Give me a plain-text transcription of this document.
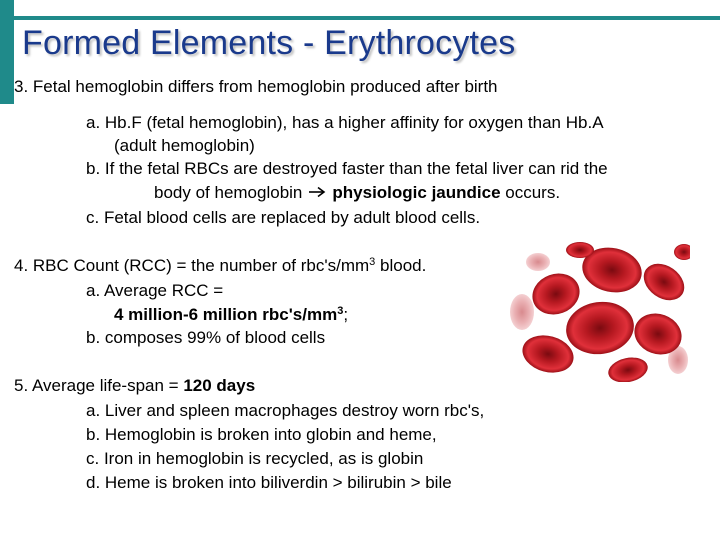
Formed Elements - Erythrocytes
3. Fetal hemoglobin differs from hemoglobin produced after birth
a. Hb.F (fetal hemoglobin), has a higher affinity for oxygen than Hb.A
(adult hemoglobin)
b. If the fetal RBCs are destroyed faster than the fetal liver can rid the
body of hemoglobin physiologic jaundice occurs.
c. Fetal blood cells are replaced by adult blood cells.
4. RBC Count (RCC) = the number of $rbc's/mm^3$ blood.
a. Average RCC =
4 million-6 million $rbc's/mm^3$;
b. composes 99% of blood cells
5. Average life-span = 120 days
a. Liver and spleen macrophages destroy worn rbc's,
b. Hemoglobin is broken into globin and heme,
c. Iron in hemoglobin is recycled, as is globin
d. Heme is broken into biliverdin > bilirubin > bile
